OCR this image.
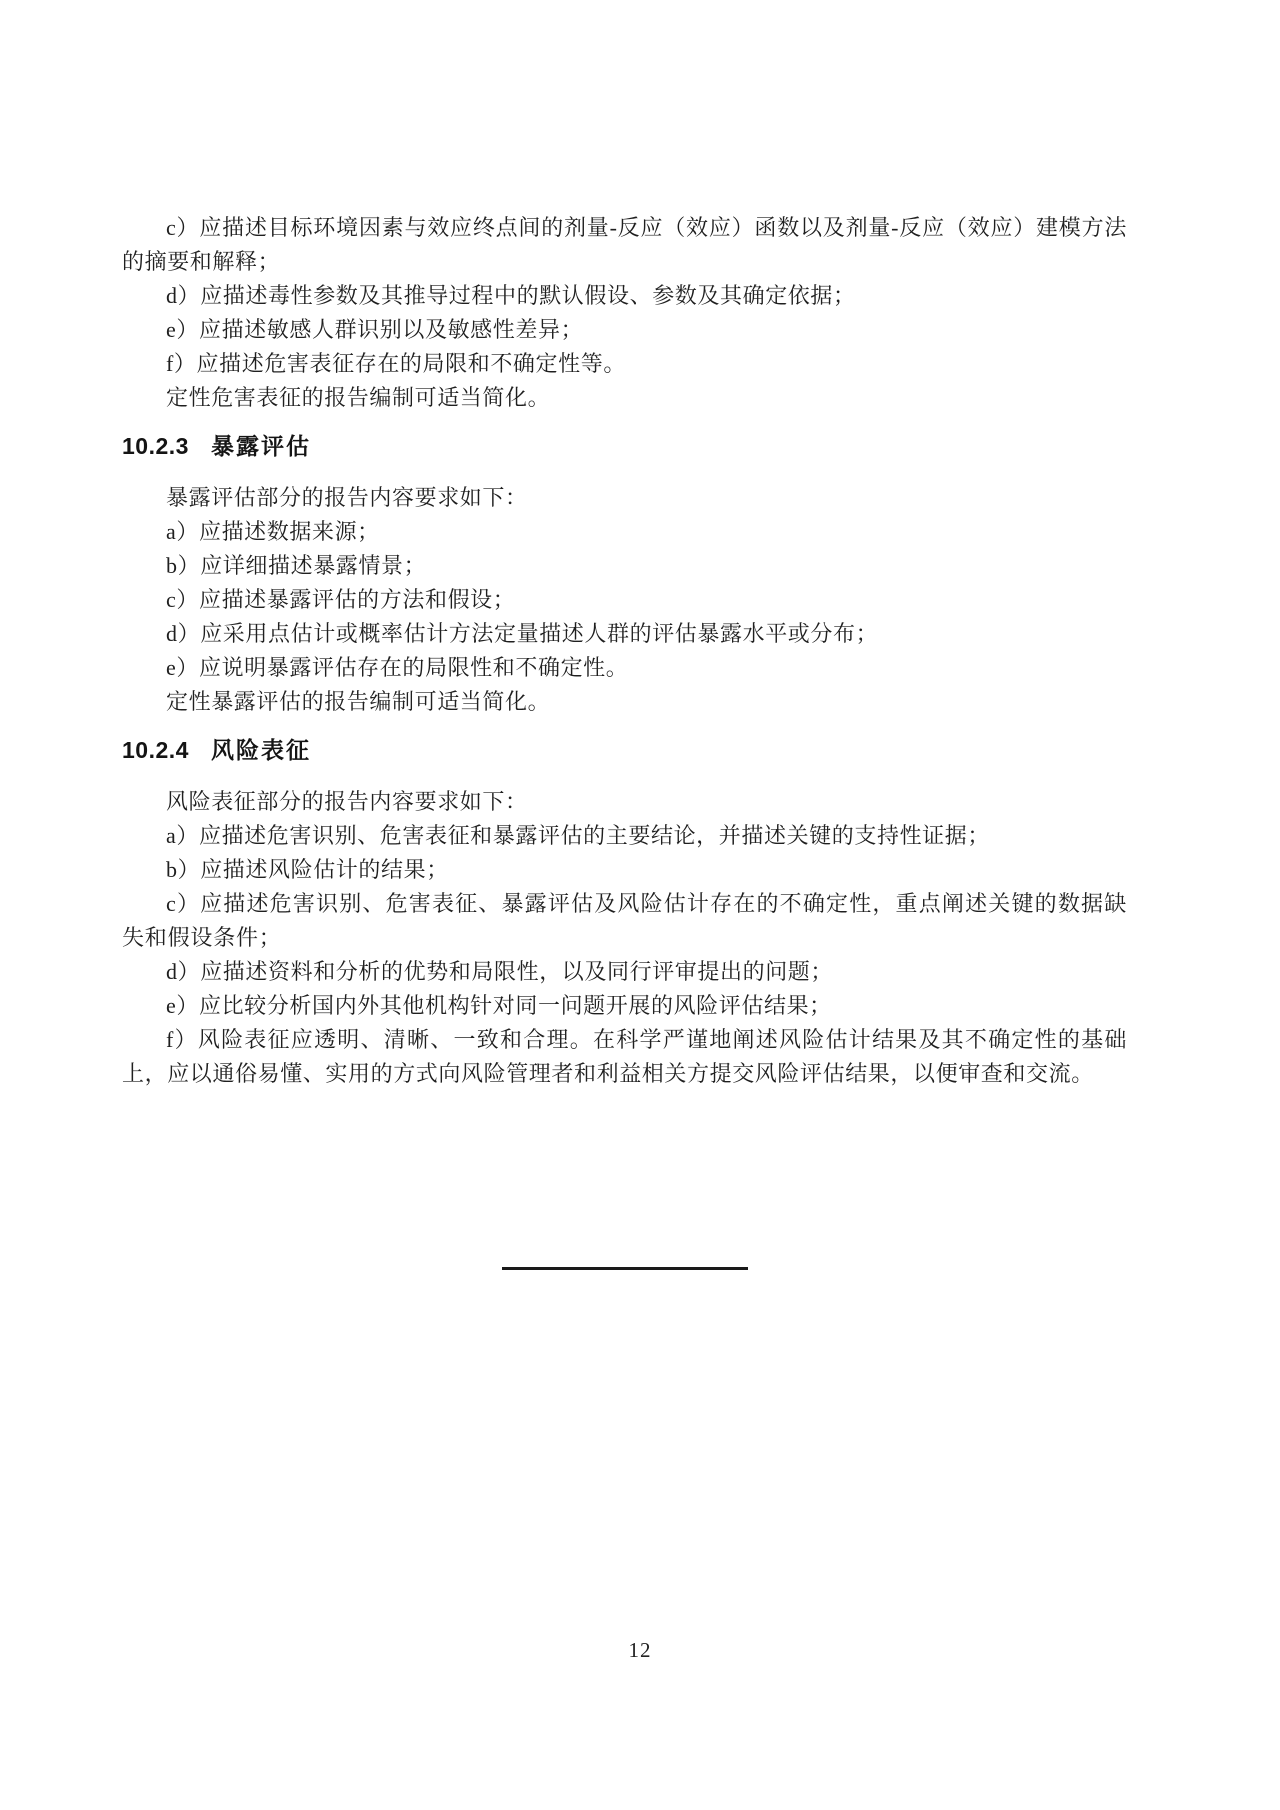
c）应描述目标环境因素与效应终点间的剂量-反应（效应）函数以及剂量-反应（效应）建模方法的摘要和解释；

d）应描述毒性参数及其推导过程中的默认假设、参数及其确定依据；

e）应描述敏感人群识别以及敏感性差异；

f）应描述危害表征存在的局限和不确定性等。

定性危害表征的报告编制可适当简化。

10.2.3 暴露评估

暴露评估部分的报告内容要求如下：

a）应描述数据来源；

b）应详细描述暴露情景；

c）应描述暴露评估的方法和假设；

d）应采用点估计或概率估计方法定量描述人群的评估暴露水平或分布；

e）应说明暴露评估存在的局限性和不确定性。

定性暴露评估的报告编制可适当简化。

10.2.4 风险表征

风险表征部分的报告内容要求如下：

a）应描述危害识别、危害表征和暴露评估的主要结论，并描述关键的支持性证据；

b）应描述风险估计的结果；

c）应描述危害识别、危害表征、暴露评估及风险估计存在的不确定性，重点阐述关键的数据缺失和假设条件；

d）应描述资料和分析的优势和局限性，以及同行评审提出的问题；

e）应比较分析国内外其他机构针对同一问题开展的风险评估结果；

f）风险表征应透明、清晰、一致和合理。在科学严谨地阐述风险估计结果及其不确定性的基础上，应以通俗易懂、实用的方式向风险管理者和利益相关方提交风险评估结果，以便审查和交流。

12
